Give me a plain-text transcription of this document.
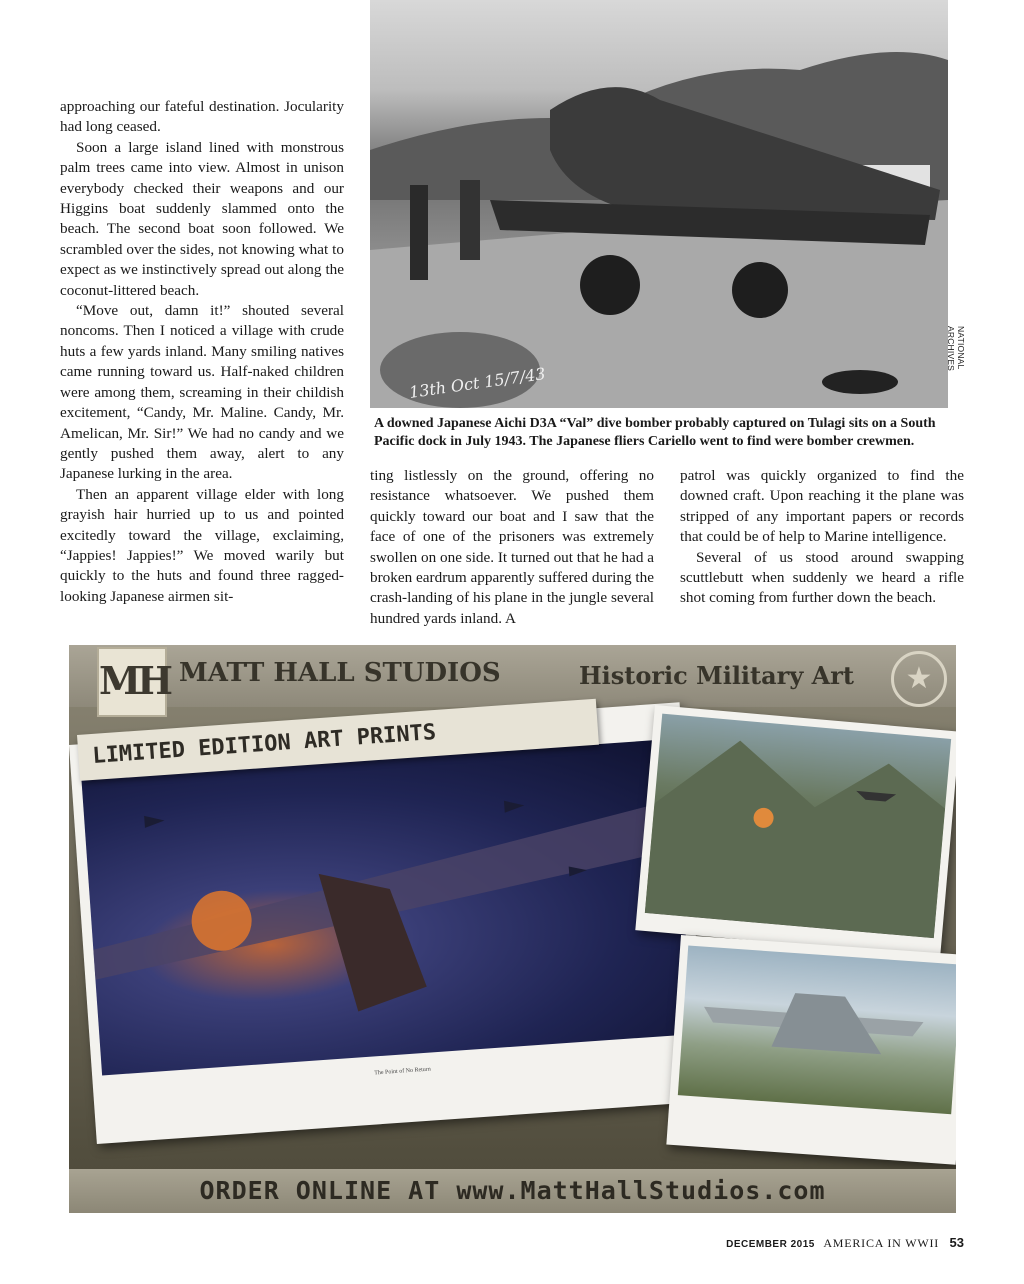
approaching our fateful destination. Jocularity had long ceased.

Soon a large island lined with monstrous palm trees came into view. Almost in unison everybody checked their weapons and our Higgins boat suddenly slammed onto the beach. The second boat soon followed. We scrambled over the sides, not knowing what to expect as we instinctively spread out along the coconut-littered beach.

“Move out, damn it!” shouted several noncoms. Then I noticed a village with crude huts a few yards inland. Many smiling natives came running toward us. Half-naked children were among them, screaming in their childish excitement, “Candy, Mr. Maline. Candy, Mr. Amelican, Mr. Sir!” We had no candy and we gently pushed them away, alert to any Japanese lurking in the area.

Then an apparent village elder with long grayish hair hurried up to us and pointed excitedly toward the village, exclaiming, “Jappies! Jappies!” We moved warily but quickly to the huts and found three ragged-looking Japanese airmen sit-

ting listlessly on the ground, offering no resistance whatsoever. We pushed them quickly toward our boat and I saw that the face of one of the prisoners was extremely swollen on one side. It turned out that he had a broken eardrum apparently suffered during the crash-landing of his plane in the jungle several hundred yards inland. A

patrol was quickly organized to find the downed craft. Upon reaching it the plane was stripped of any important papers or records that could be of help to Marine intelligence.

Several of us stood around swapping scuttlebutt when suddenly we heard a rifle shot coming from further down the beach.

13th Oct 15/7/43
NATIONAL ARCHIVES
A downed Japanese Aichi D3A “Val” dive bomber probably captured on Tulagi sits on a South Pacific dock in July 1943. The Japanese fliers Cariello went to find were bomber crewmen.
MH MATT HALL STUDIOS	Historic Military Art	★
The Point of No Return
LIMITED EDITION ART PRINTS
ORDER ONLINE AT www.MattHallStudios.com
DECEMBER 2015 AMERICA IN WWII 53
